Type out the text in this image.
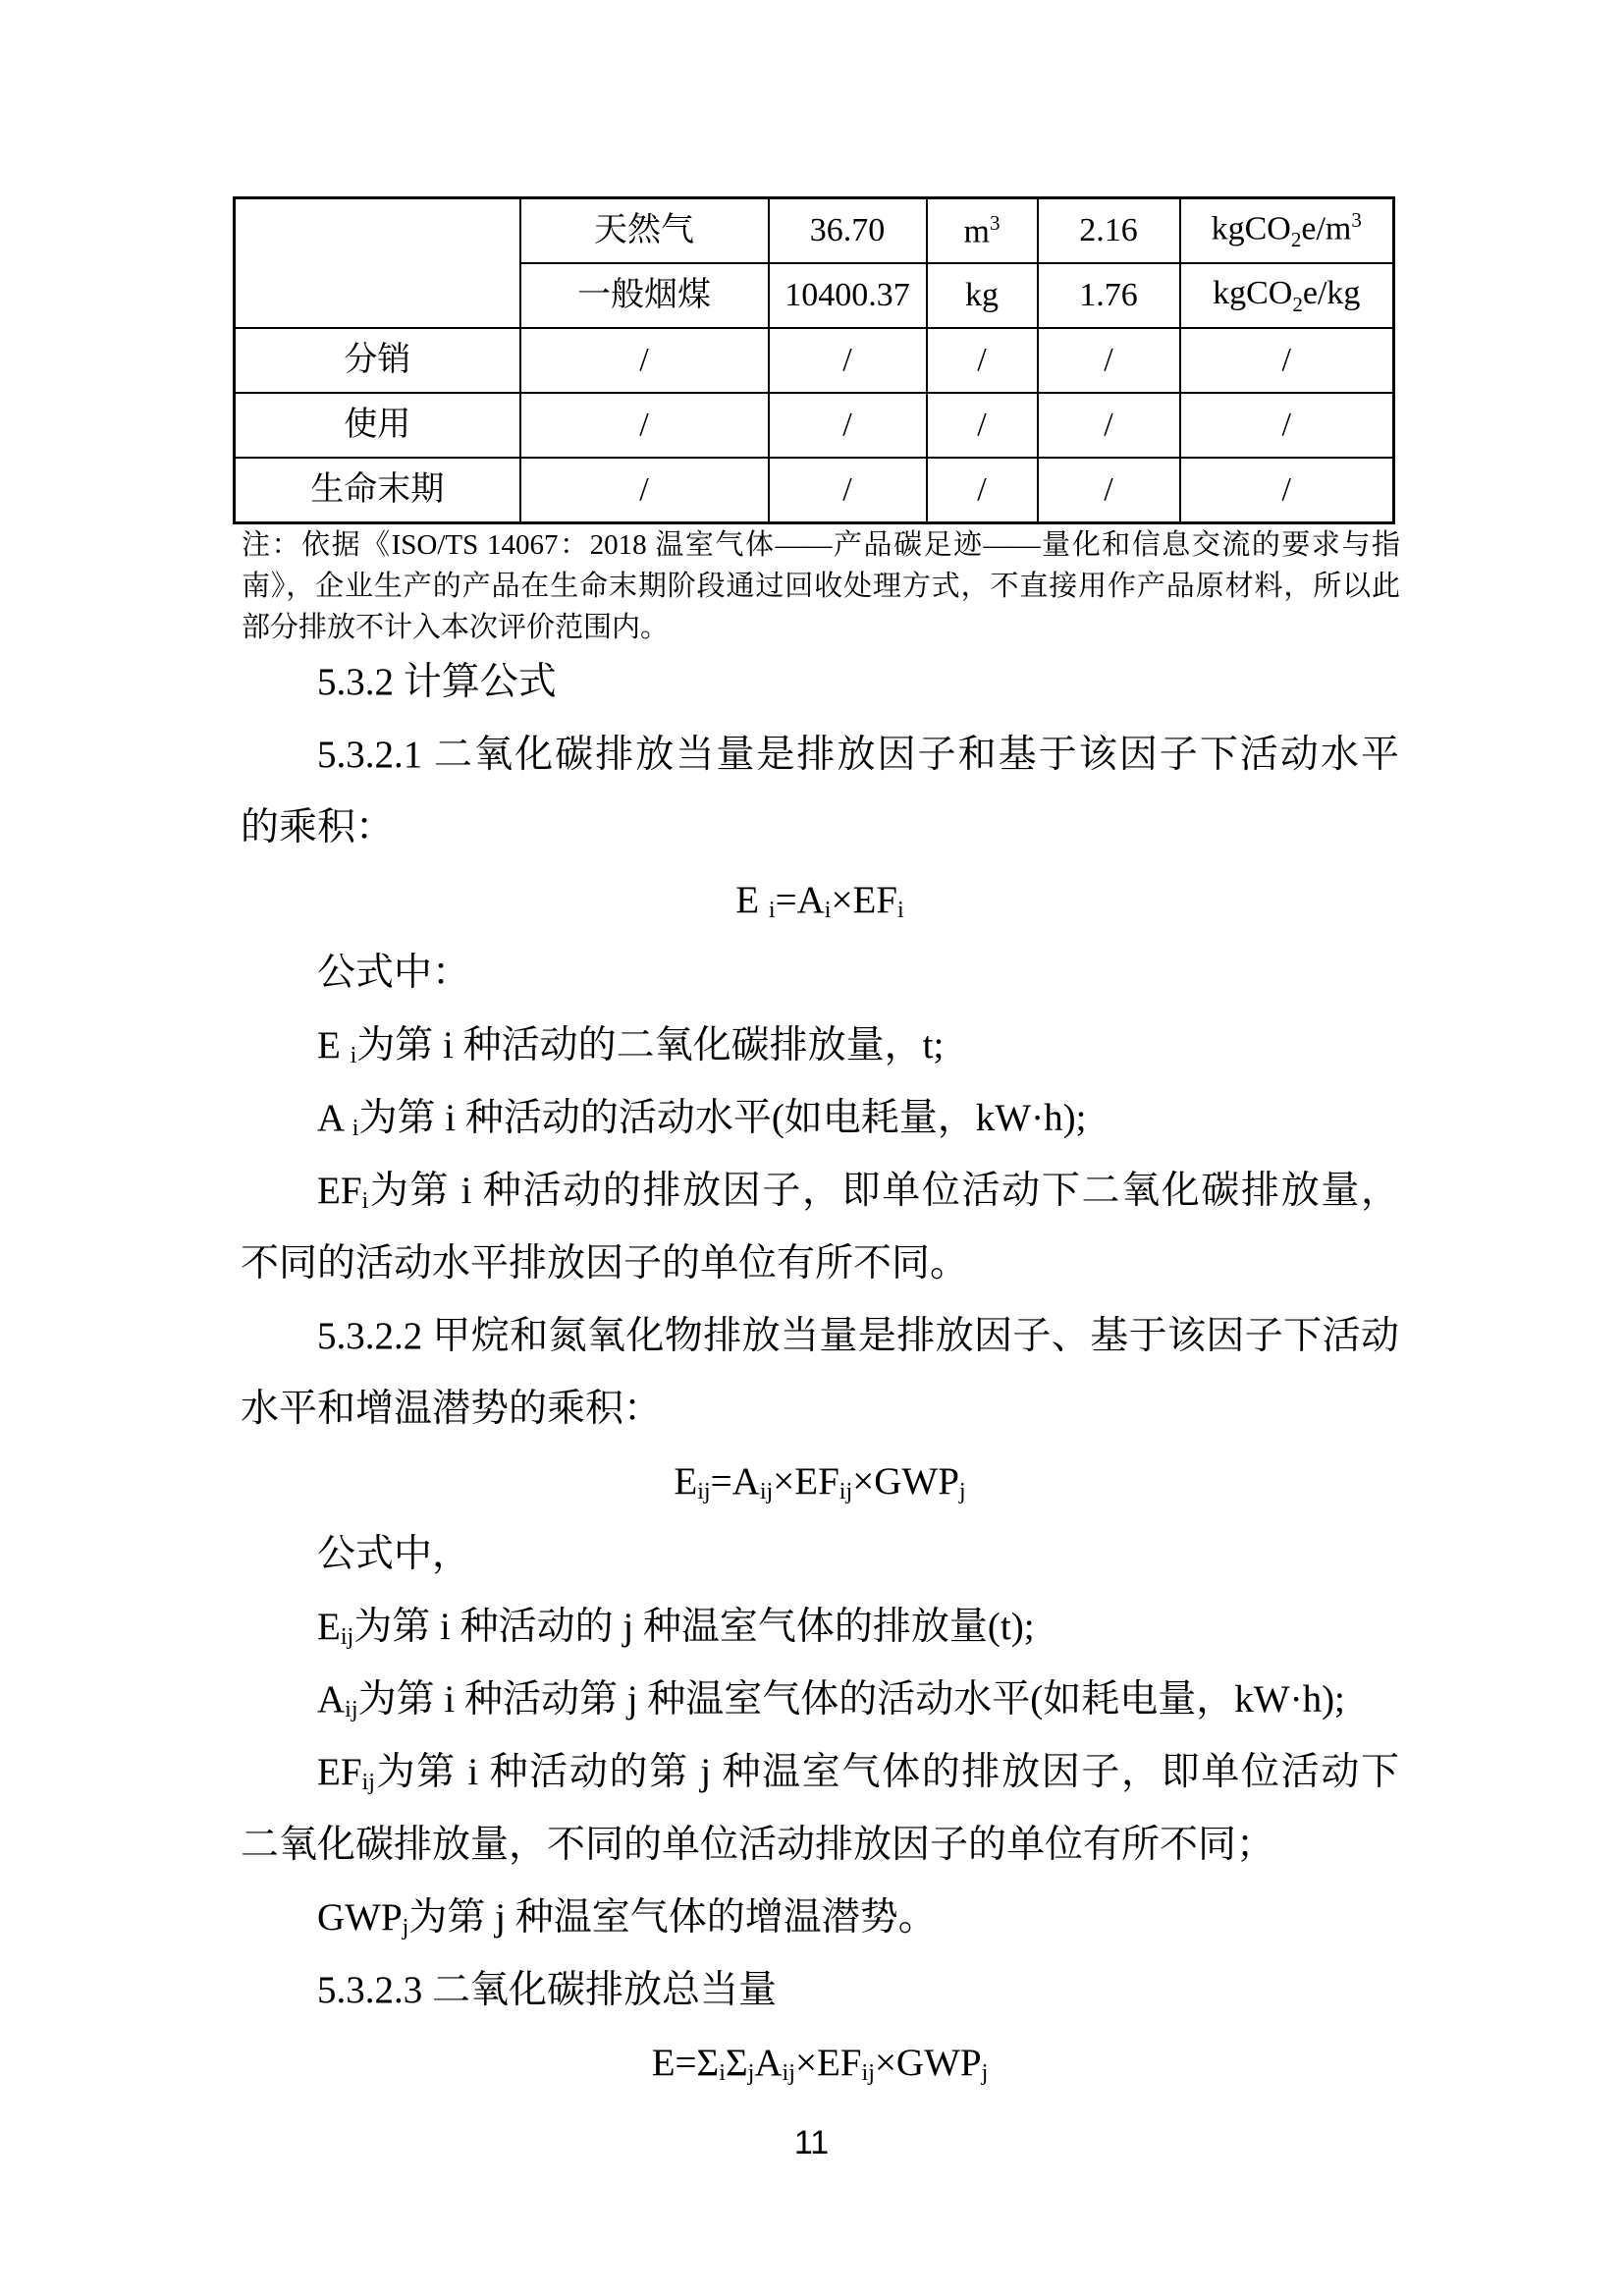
	天然气	36.70	$m^3$	2.16	$kgCO_2e/m^3$
	一般烟煤	10400.37	kg	1.76	kgCO$_2$e/kg
分销	/	/	/	/	/
使用	/	/	/	/	/
生命末期	/	/	/	/	/
注：依据《ISO/TS 14067：2018 温室气体——产品碳足迹——量化和信息交流的要求与指
南》，企业生产的产品在生命末期阶段通过回收处理方式，不直接用作产品原材料，所以此
部分排放不计入本次评价范围内。
5.3.2 计算公式
5.3.2.1 二氧化碳排放当量是排放因子和基于该因子下活动水平
的乘积：
E $_i=A_i\times EF_i$
公式中：
E $_i$为第 i 种活动的二氧化碳排放量，t;
A $_i$为第 i 种活动的活动水平(如电耗量，kW·h);
$EF_i$为第 i 种活动的排放因子，即单位活动下二氧化碳排放量，
不同的活动水平排放因子的单位有所不同。
5.3.2.2 甲烷和氮氧化物排放当量是排放因子、基于该因子下活动
水平和增温潜势的乘积：
$E_{ij}=A_{ij}\times EF_{ij}\times GWP_j$
公式中，
$E_{ij}$为第 i 种活动的 j 种温室气体的排放量(t);
$A_{ij}$为第 i 种活动第 j 种温室气体的活动水平(如耗电量，kW·h);
$EF_{ij}$为第 i 种活动的第 j 种温室气体的排放因子，即单位活动下
二氧化碳排放量，不同的单位活动排放因子的单位有所不同；
$GWP_j$为第 j 种温室气体的增温潜势。
5.3.2.3 二氧化碳排放总当量
$E=\Sigma_i\Sigma_jA_{ij}\times EF_{ij}\times GWP_j$
11
